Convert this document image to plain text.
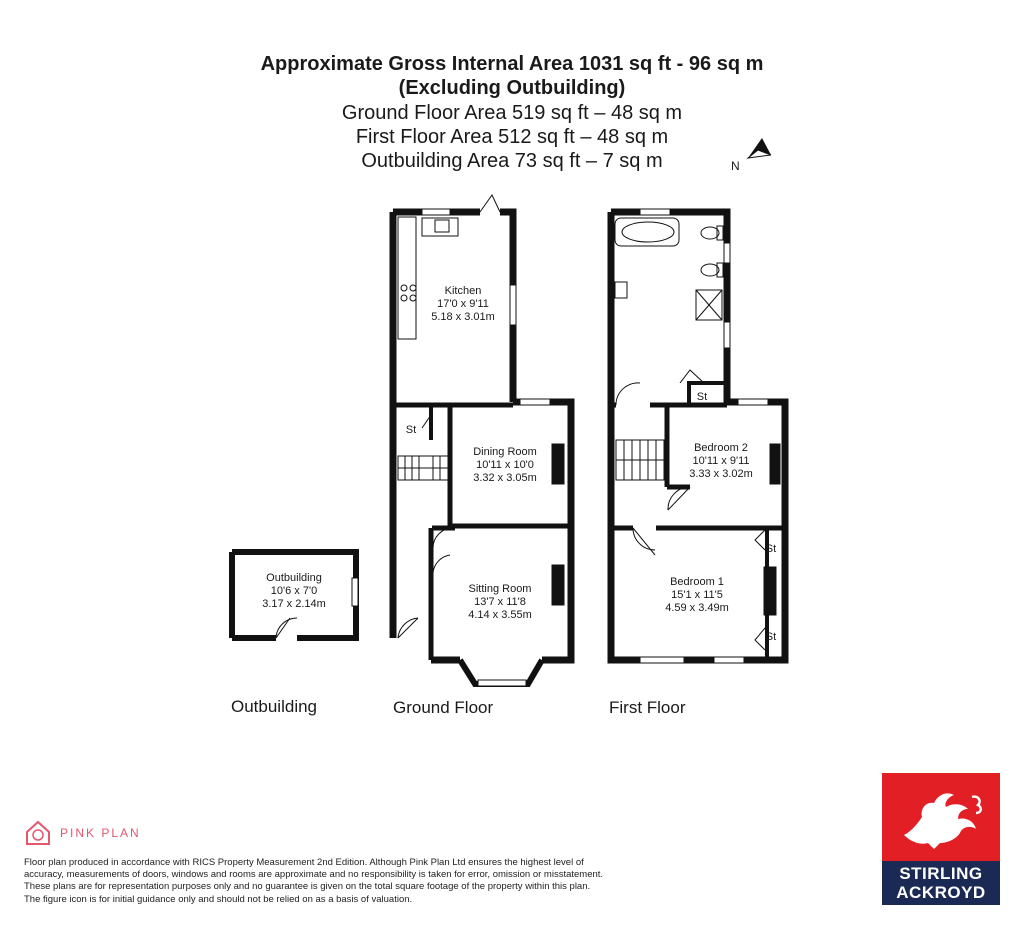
Approximate Gross Internal Area 1031 sq ft - 96 sq m
(Excluding Outbuilding)
Ground Floor Area 519 sq ft – 48 sq m
First Floor Area 512 sq ft – 48 sq m
Outbuilding Area 73 sq ft – 7 sq m	N
Outbuilding
10'6 x 7'0
3.17 x 2.14m
Kitchen
17'0 x 9'11
5.18 x 3.01m
Dining Room
10'11 x 10'0
3.32 x 3.05m
Sitting Room
13'7 x 11'8
4.14 x 3.55m
St
Bedroom 2
10'11 x 9'11
3.33 x 3.02m
Bedroom 1
15'1 x 11'5
4.59 x 3.49m
St
St
St
Outbuilding	Ground Floor	First Floor
PINK PLAN
Floor plan produced in accordance with RICS Property Measurement 2nd Edition. Although Pink Plan Ltd ensures the highest level of accuracy, measurements of doors, windows and rooms are approximate and no responsibility is taken for error, omission or misstatement. These plans are for representation purposes only and no guarantee is given on the total square footage of the property within this plan. The figure icon is for initial guidance only and should not be relied on as a basis of valuation.
STIRLING
ACKROYD
